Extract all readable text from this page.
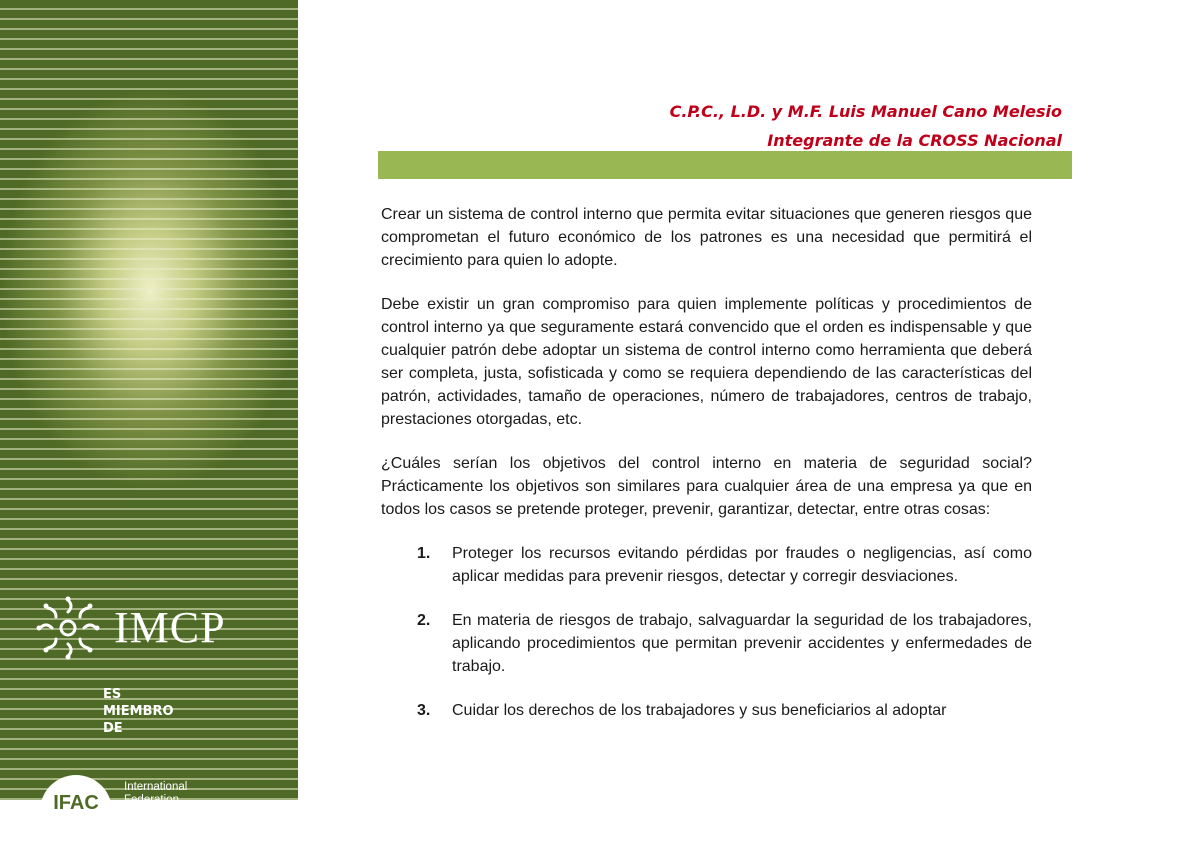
IMCP
ES
MIEMBRO
DE
IFAC
International
Federation
C.P.C., L.D. y M.F. Luis Manuel Cano Melesio
Integrante de la CROSS Nacional

Crear un sistema de control interno que permita evitar situaciones que generen riesgos que comprometan el futuro económico de los patrones es una necesidad que permitirá el crecimiento para quien lo adopte.

Debe existir un gran compromiso para quien implemente políticas y procedimientos de control interno ya que seguramente estará convencido que el orden es indispensable y que cualquier patrón debe adoptar un sistema de control interno como herramienta que deberá ser completa, justa, sofisticada y como se requiera dependiendo de las características del patrón, actividades, tamaño de operaciones, número de trabajadores, centros de trabajo, prestaciones otorgadas, etc.

¿Cuáles serían los objetivos del control interno en materia de seguridad social? Prácticamente los objetivos son similares para cualquier área de una empresa ya que en todos los casos se pretende proteger, prevenir, garantizar, detectar, entre otras cosas:

1. Proteger los recursos evitando pérdidas por fraudes o negligencias, así como aplicar medidas para prevenir riesgos, detectar y corregir desviaciones.
2. En materia de riesgos de trabajo, salvaguardar la seguridad de los trabajadores, aplicando procedimientos que permitan prevenir accidentes y enfermedades de trabajo.
3. Cuidar los derechos de los trabajadores y sus beneficiarios al adoptar
